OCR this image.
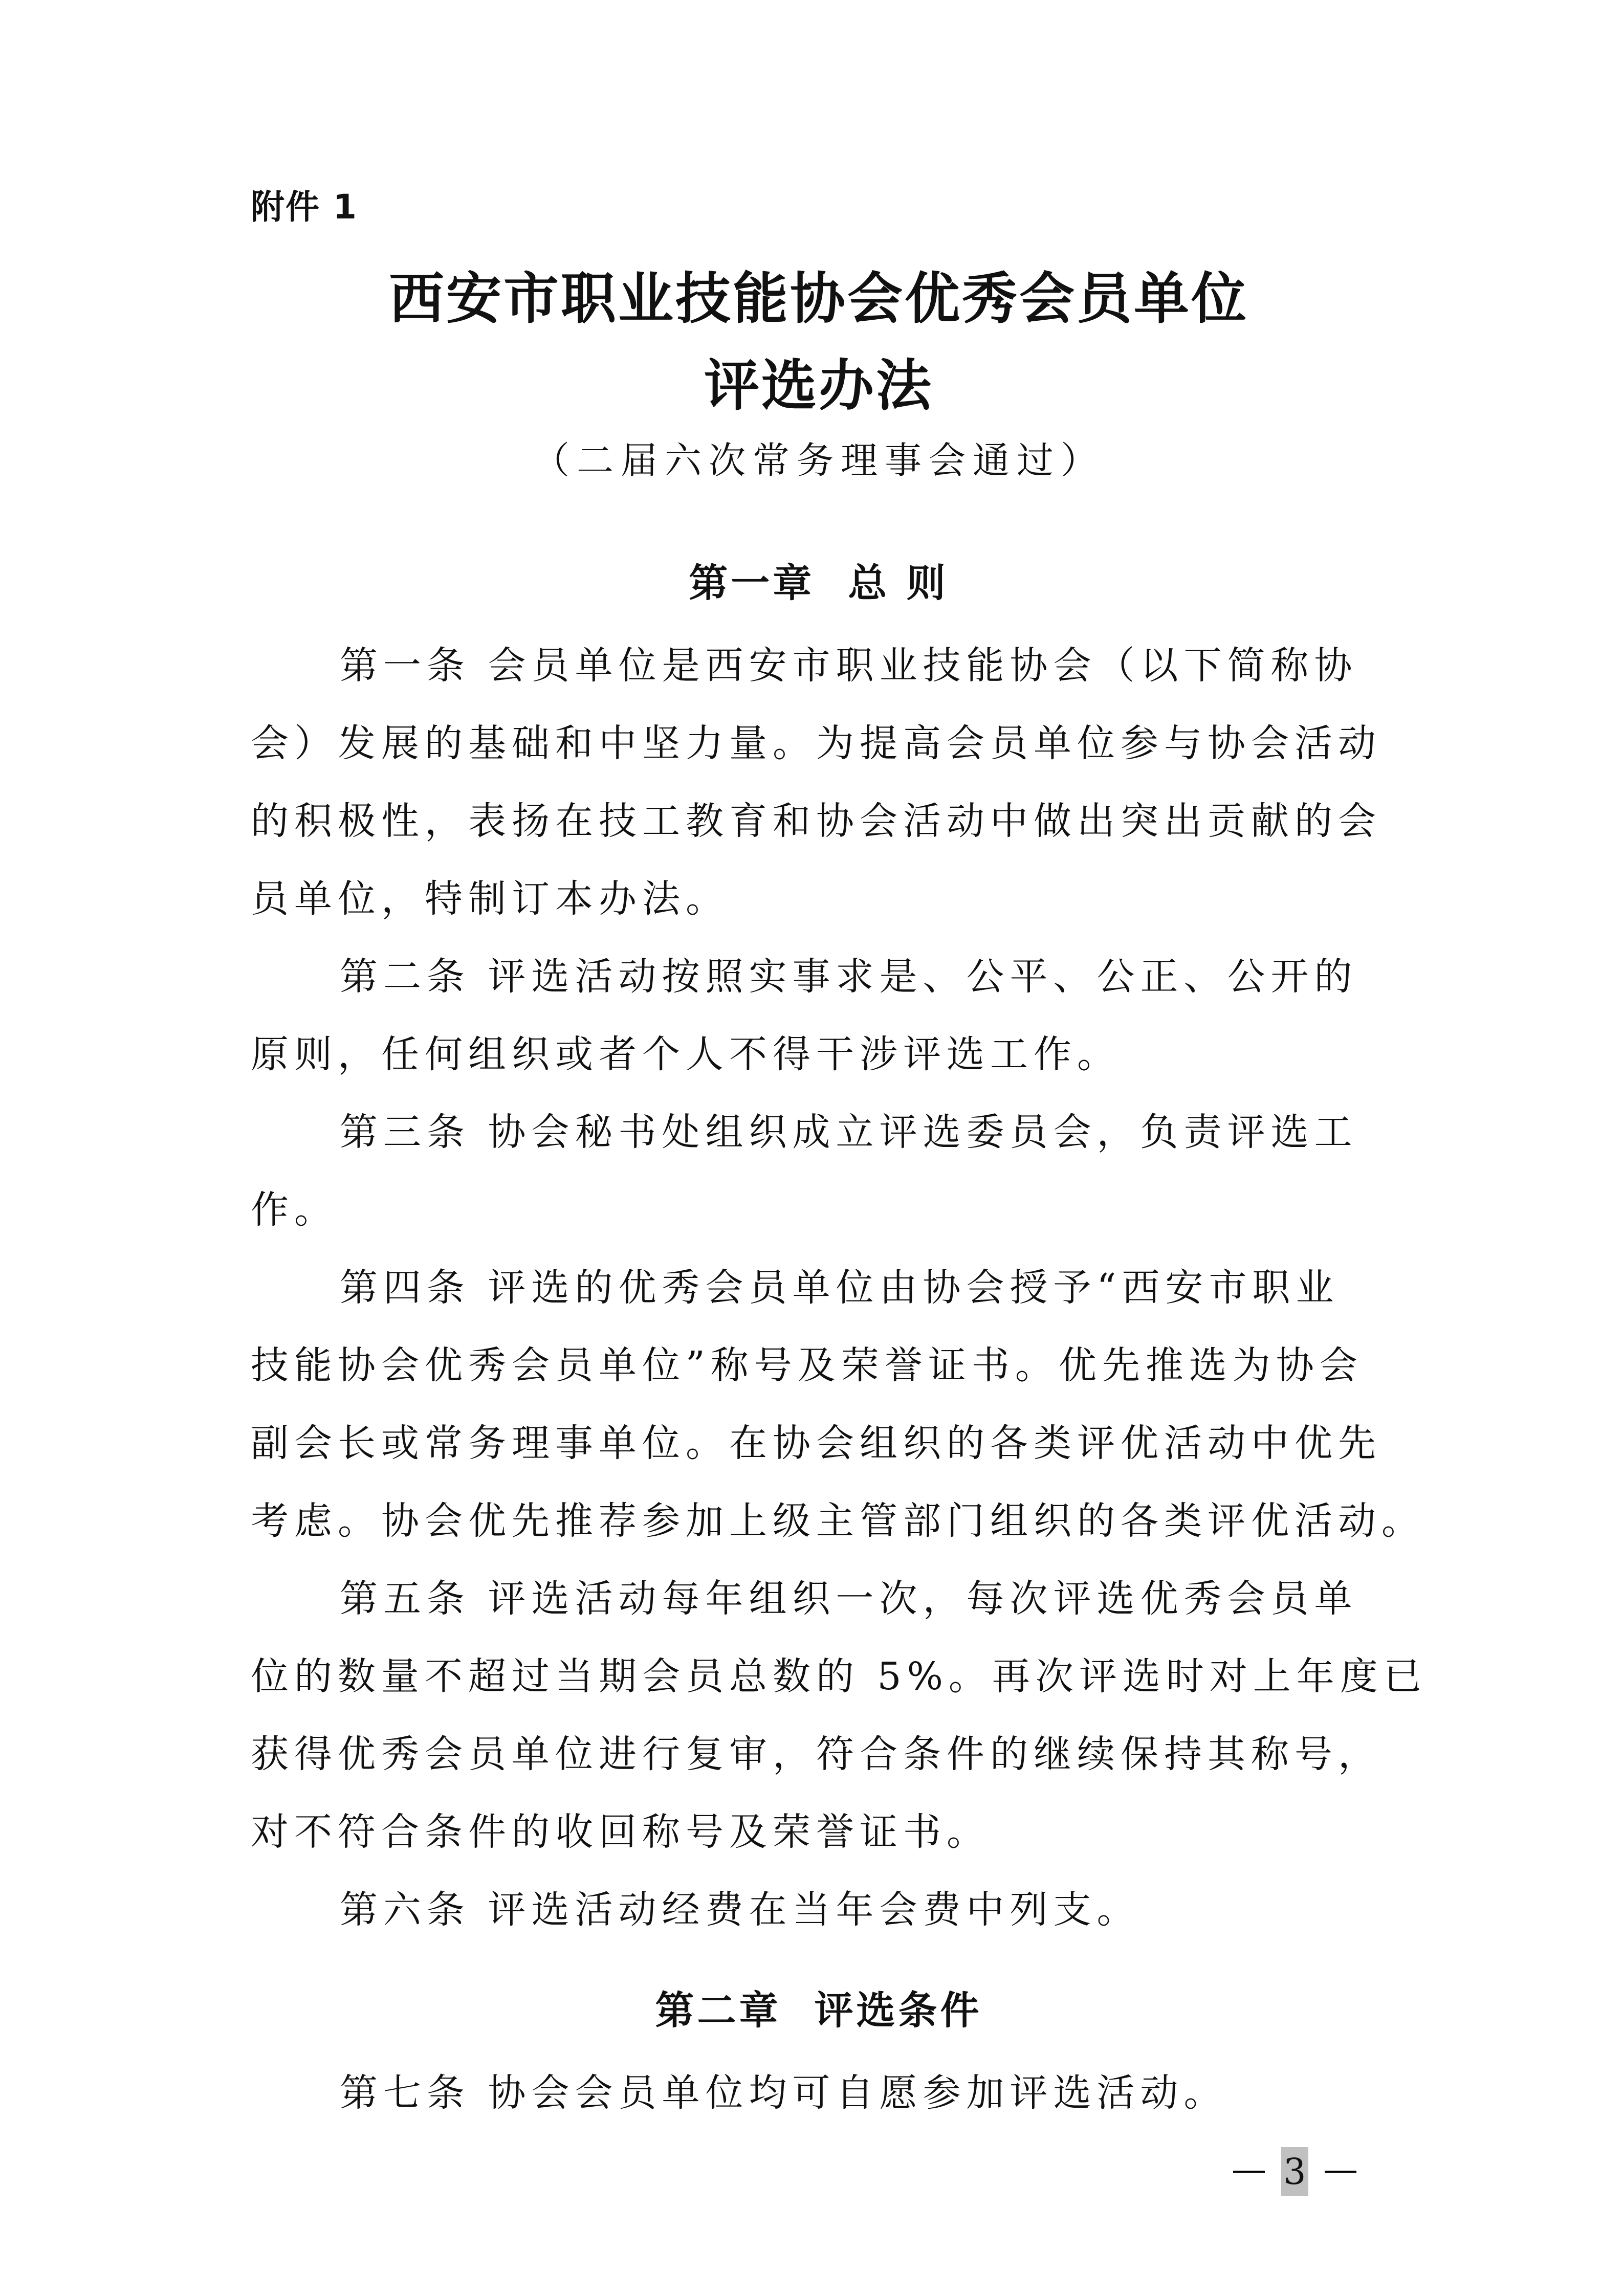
附件 1
西安市职业技能协会优秀会员单位
评选办法
（二届六次常务理事会通过）
第一章  总 则
第一条 会员单位是西安市职业技能协会（以下简称协
会）发展的基础和中坚力量。为提高会员单位参与协会活动
的积极性，表扬在技工教育和协会活动中做出突出贡献的会
员单位，特制订本办法。
第二条 评选活动按照实事求是、公平、公正、公开的
原则，任何组织或者个人不得干涉评选工作。
第三条 协会秘书处组织成立评选委员会，负责评选工
作。
第四条 评选的优秀会员单位由协会授予“西安市职业
技能协会优秀会员单位”称号及荣誉证书。优先推选为协会
副会长或常务理事单位。在协会组织的各类评优活动中优先
考虑。协会优先推荐参加上级主管部门组织的各类评优活动。
第五条 评选活动每年组织一次，每次评选优秀会员单
位的数量不超过当期会员总数的 5%。再次评选时对上年度已
获得优秀会员单位进行复审，符合条件的继续保持其称号，
对不符合条件的收回称号及荣誉证书。
第六条 评选活动经费在当年会费中列支。
第二章  评选条件
第七条 协会会员单位均可自愿参加评选活动。
3
